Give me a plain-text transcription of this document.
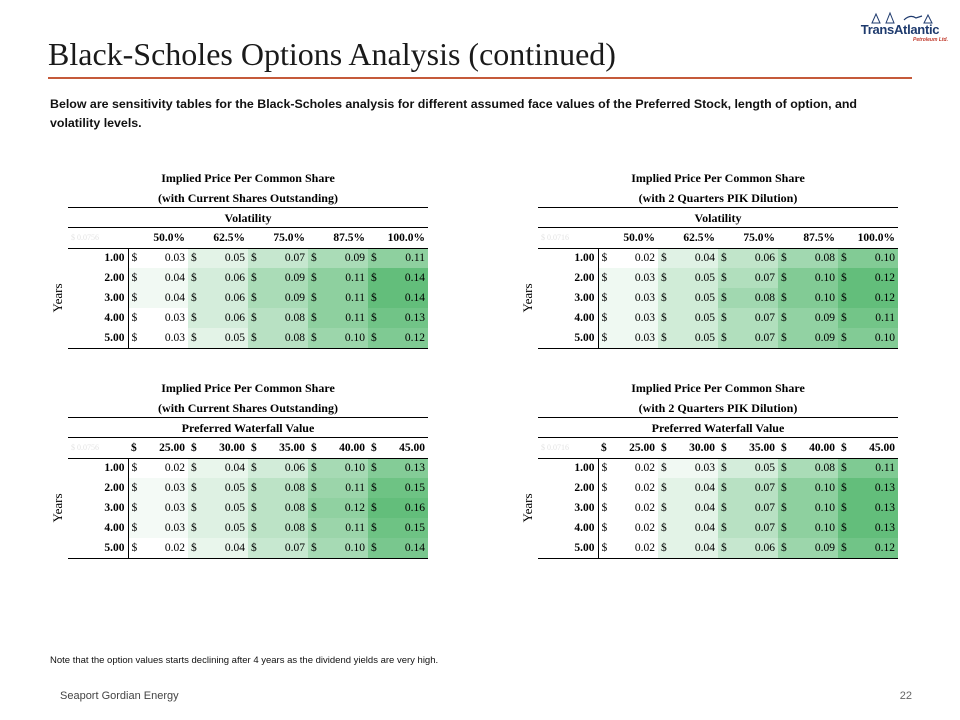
Black-Scholes Options Analysis (continued)
TransAtlantic
Petroleum Ltd.
Below are sensitivity tables for the Black-Scholes analysis for different assumed face values of the Preferred Stock, length of option, and volatility levels.
Implied Price Per Common Share
(with Current Shares Outstanding)
Volatility
Years
$ 0.0756	50.0%		62.5%		75.0%		87.5%		100.0%	
1.00	$	0.03	$	0.05	$	0.07	$	0.09	$	0.11
2.00	$	0.04	$	0.06	$	0.09	$	0.11	$	0.14
3.00	$	0.04	$	0.06	$	0.09	$	0.11	$	0.14
4.00	$	0.03	$	0.06	$	0.08	$	0.11	$	0.13
5.00	$	0.03	$	0.05	$	0.08	$	0.10	$	0.12
Implied Price Per Common Share
(with 2 Quarters PIK Dilution)
Volatility
Years
$ 0.0716	50.0%		62.5%		75.0%		87.5%		100.0%	
1.00	$	0.02	$	0.04	$	0.06	$	0.08	$	0.10
2.00	$	0.03	$	0.05	$	0.07	$	0.10	$	0.12
3.00	$	0.03	$	0.05	$	0.08	$	0.10	$	0.12
4.00	$	0.03	$	0.05	$	0.07	$	0.09	$	0.11
5.00	$	0.03	$	0.05	$	0.07	$	0.09	$	0.10
Implied Price Per Common Share
(with Current Shares Outstanding)
Preferred Waterfall Value
Years
$ 0.0756	$	25.00	$	30.00	$	35.00	$	40.00	$	45.00
1.00	$	0.02	$	0.04	$	0.06	$	0.10	$	0.13
2.00	$	0.03	$	0.05	$	0.08	$	0.11	$	0.15
3.00	$	0.03	$	0.05	$	0.08	$	0.12	$	0.16
4.00	$	0.03	$	0.05	$	0.08	$	0.11	$	0.15
5.00	$	0.02	$	0.04	$	0.07	$	0.10	$	0.14
Implied Price Per Common Share
(with 2 Quarters PIK Dilution)
Preferred Waterfall Value
Years
$ 0.0716	$	25.00	$	30.00	$	35.00	$	40.00	$	45.00
1.00	$	0.02	$	0.03	$	0.05	$	0.08	$	0.11
2.00	$	0.02	$	0.04	$	0.07	$	0.10	$	0.13
3.00	$	0.02	$	0.04	$	0.07	$	0.10	$	0.13
4.00	$	0.02	$	0.04	$	0.07	$	0.10	$	0.13
5.00	$	0.02	$	0.04	$	0.06	$	0.09	$	0.12
Note that the option values starts declining after 4 years as the dividend yields are very high.
Seaport Gordian Energy	22
